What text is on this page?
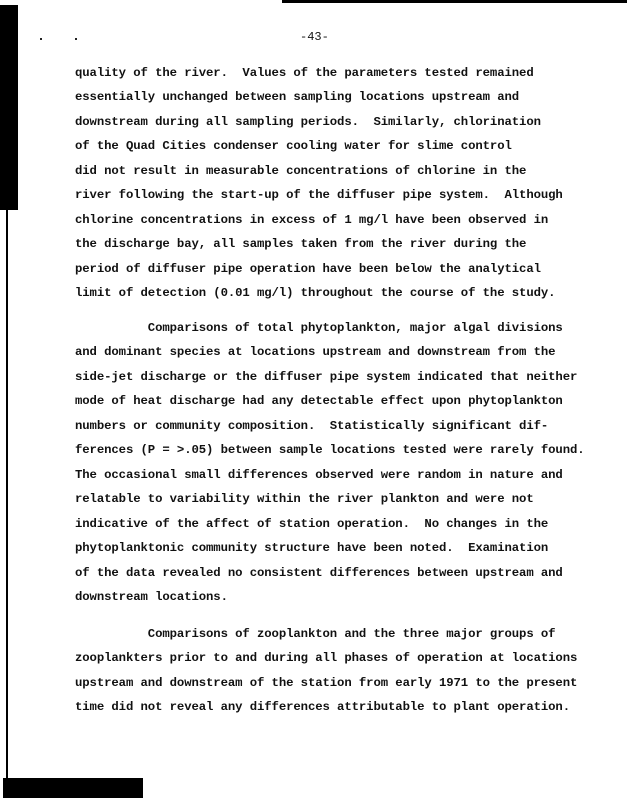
-43-
quality of the river.  Values of the parameters tested remained
essentially unchanged between sampling locations upstream and
downstream during all sampling periods.  Similarly, chlorination
of the Quad Cities condenser cooling water for slime control
did not result in measurable concentrations of chlorine in the
river following the start-up of the diffuser pipe system.  Although
chlorine concentrations in excess of 1 mg/l have been observed in
the discharge bay, all samples taken from the river during the
period of diffuser pipe operation have been below the analytical
limit of detection (0.01 mg/l) throughout the course of the study.
Comparisons of total phytoplankton, major algal divisions
and dominant species at locations upstream and downstream from the
side-jet discharge or the diffuser pipe system indicated that neither
mode of heat discharge had any detectable effect upon phytoplankton
numbers or community composition.  Statistically significant dif-
ferences (P = >.05) between sample locations tested were rarely found.
The occasional small differences observed were random in nature and
relatable to variability within the river plankton and were not
indicative of the affect of station operation.  No changes in the
phytoplanktonic community structure have been noted.  Examination
of the data revealed no consistent differences between upstream and
downstream locations.
Comparisons of zooplankton and the three major groups of
zooplankters prior to and during all phases of operation at locations
upstream and downstream of the station from early 1971 to the present
time did not reveal any differences attributable to plant operation.
